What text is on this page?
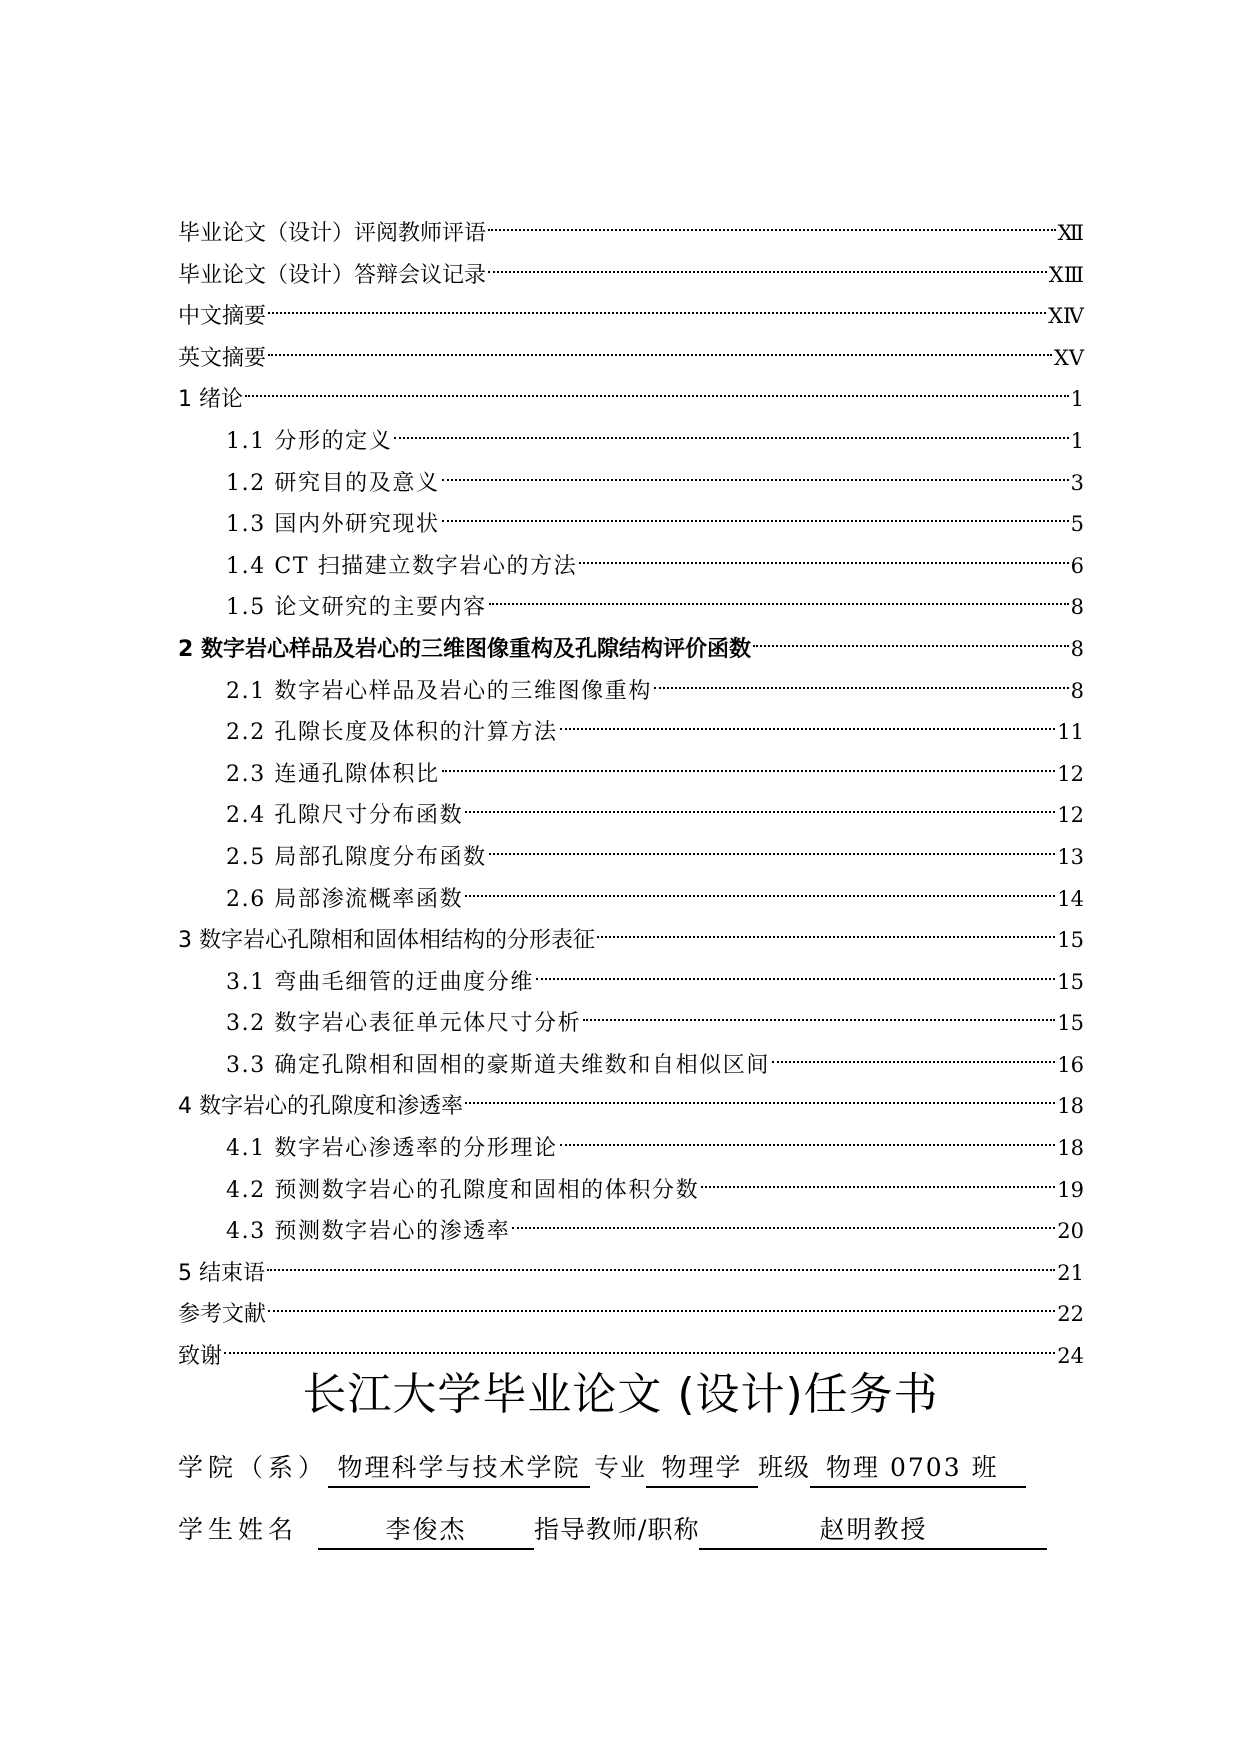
毕业论文（设计）评阅教师评语	Ⅻ
毕业论文（设计）答辩会议记录	XⅢ
中文摘要	XⅣ
英文摘要	XⅤ
1 绪论	1
1.1 分形的定义	1
1.2 研究目的及意义	3
1.3 国内外研究现状	5
1.4 CT 扫描建立数字岩心的方法	6
1.5 论文研究的主要内容	8
2 数字岩心样品及岩心的三维图像重构及孔隙结构评价函数	8
2.1 数字岩心样品及岩心的三维图像重构	8
2.2 孔隙长度及体积的汁算方法	11
2.3 连通孔隙体积比	12
2.4 孔隙尺寸分布函数	12
2.5 局部孔隙度分布函数	13
2.6 局部渗流概率函数	14
3 数字岩心孔隙相和固体相结构的分形表征	15
3.1 弯曲毛细管的迂曲度分维	15
3.2 数字岩心表征单元体尺寸分析	15
3.3 确定孔隙相和固相的豪斯道夫维数和自相似区间	16
4 数字岩心的孔隙度和渗透率	18
4.1 数字岩心渗透率的分形理论	18
4.2 预测数字岩心的孔隙度和固相的体积分数	19
4.3 预测数字岩心的渗透率	20
5 结束语	21
参考文献	22
致谢	24
长江大学毕业论文 (设计)任务书
学院（系） 物理科学与技术学院 专业 物理学 班级 物理 0703 班
学生姓名	李俊杰	指导教师/职称	赵明教授
